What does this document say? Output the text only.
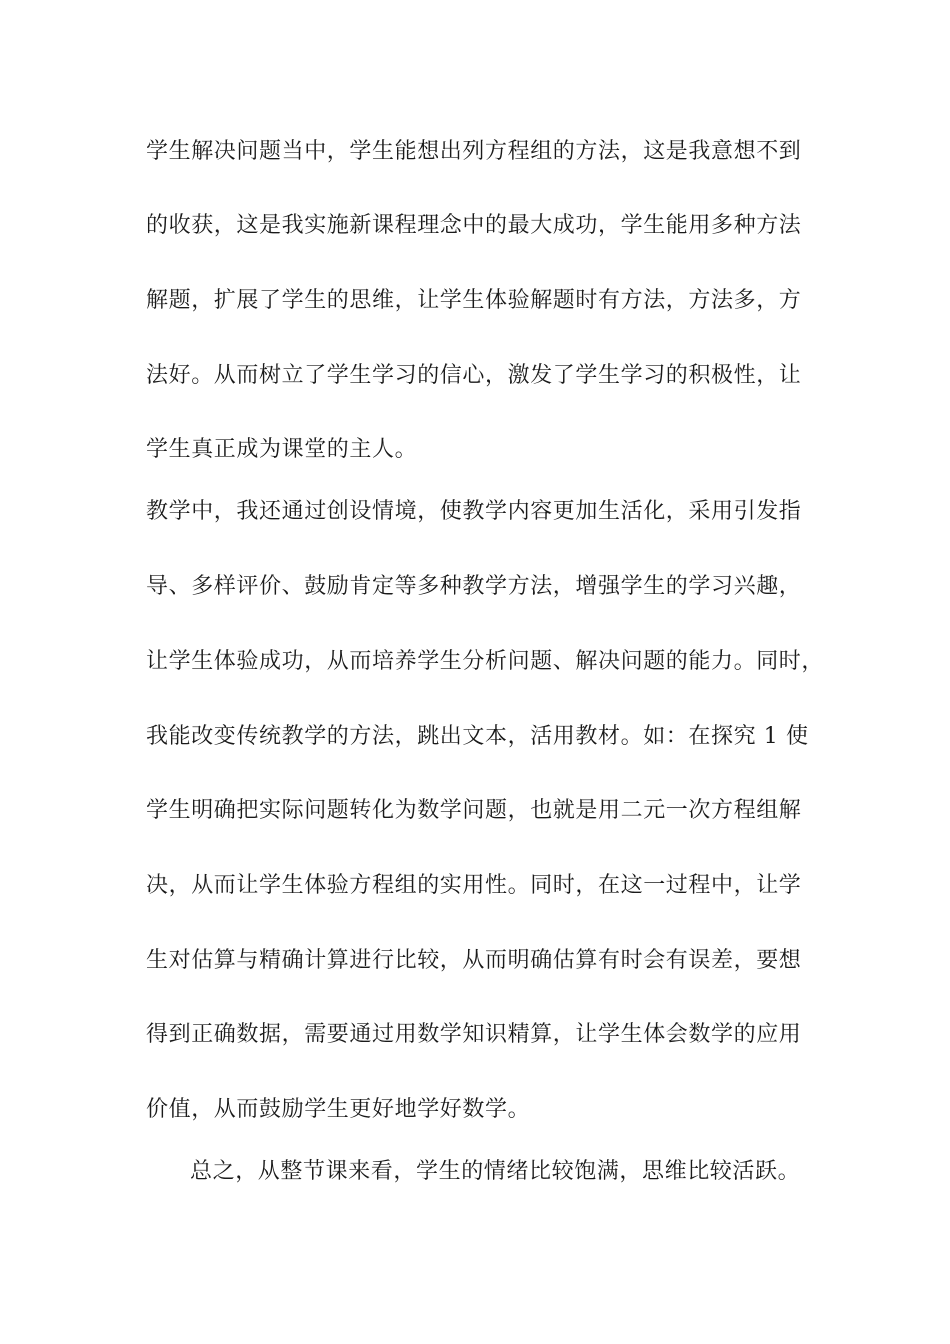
学生解决问题当中，学生能想出列方程组的方法，这是我意想不到
的收获，这是我实施新课程理念中的最大成功，学生能用多种方法
解题，扩展了学生的思维，让学生体验解题时有方法，方法多，方
法好。从而树立了学生学习的信心，激发了学生学习的积极性，让
学生真正成为课堂的主人。
教学中，我还通过创设情境，使教学内容更加生活化，采用引发指
导、多样评价、鼓励肯定等多种教学方法，增强学生的学习兴趣，
让学生体验成功，从而培养学生分析问题、解决问题的能力。同时，
我能改变传统教学的方法，跳出文本，活用教材。如：在探究 1 使
学生明确把实际问题转化为数学问题，也就是用二元一次方程组解
决，从而让学生体验方程组的实用性。同时，在这一过程中，让学
生对估算与精确计算进行比较，从而明确估算有时会有误差，要想
得到正确数据，需要通过用数学知识精算，让学生体会数学的应用
价值，从而鼓励学生更好地学好数学。
总之，从整节课来看，学生的情绪比较饱满，思维比较活跃。
